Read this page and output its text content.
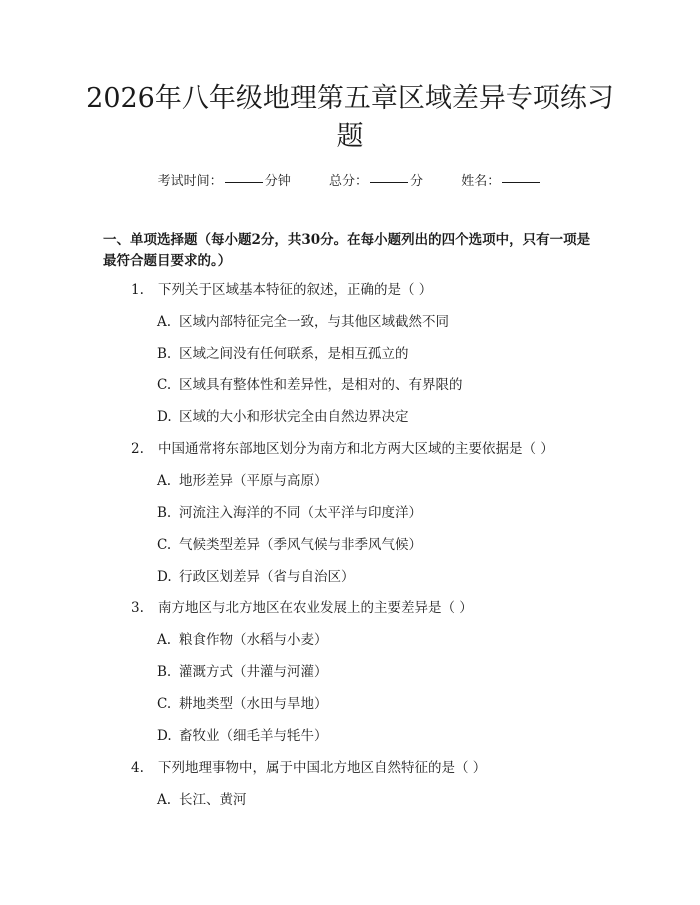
2026年八年级地理第五章区域差异专项练习题
考试时间：	分钟	总分：	分	姓名：

一、单项选择题（每小题2分，共30分。在每小题列出的四个选项中，只有一项是最符合题目要求的。）

1. 下列关于区域基本特征的叙述，正确的是（ ）
A. 区域内部特征完全一致，与其他区域截然不同
B. 区域之间没有任何联系，是相互孤立的
C. 区域具有整体性和差异性，是相对的、有界限的
D. 区域的大小和形状完全由自然边界决定
2. 中国通常将东部地区划分为南方和北方两大区域的主要依据是（ ）
A. 地形差异（平原与高原）
B. 河流注入海洋的不同（太平洋与印度洋）
C. 气候类型差异（季风气候与非季风气候）
D. 行政区划差异（省与自治区）
3. 南方地区与北方地区在农业发展上的主要差异是（ ）
A. 粮食作物（水稻与小麦）
B. 灌溉方式（井灌与河灌）
C. 耕地类型（水田与旱地）
D. 畜牧业（细毛羊与牦牛）
4. 下列地理事物中，属于中国北方地区自然特征的是（ ）
A. 长江、黄河
